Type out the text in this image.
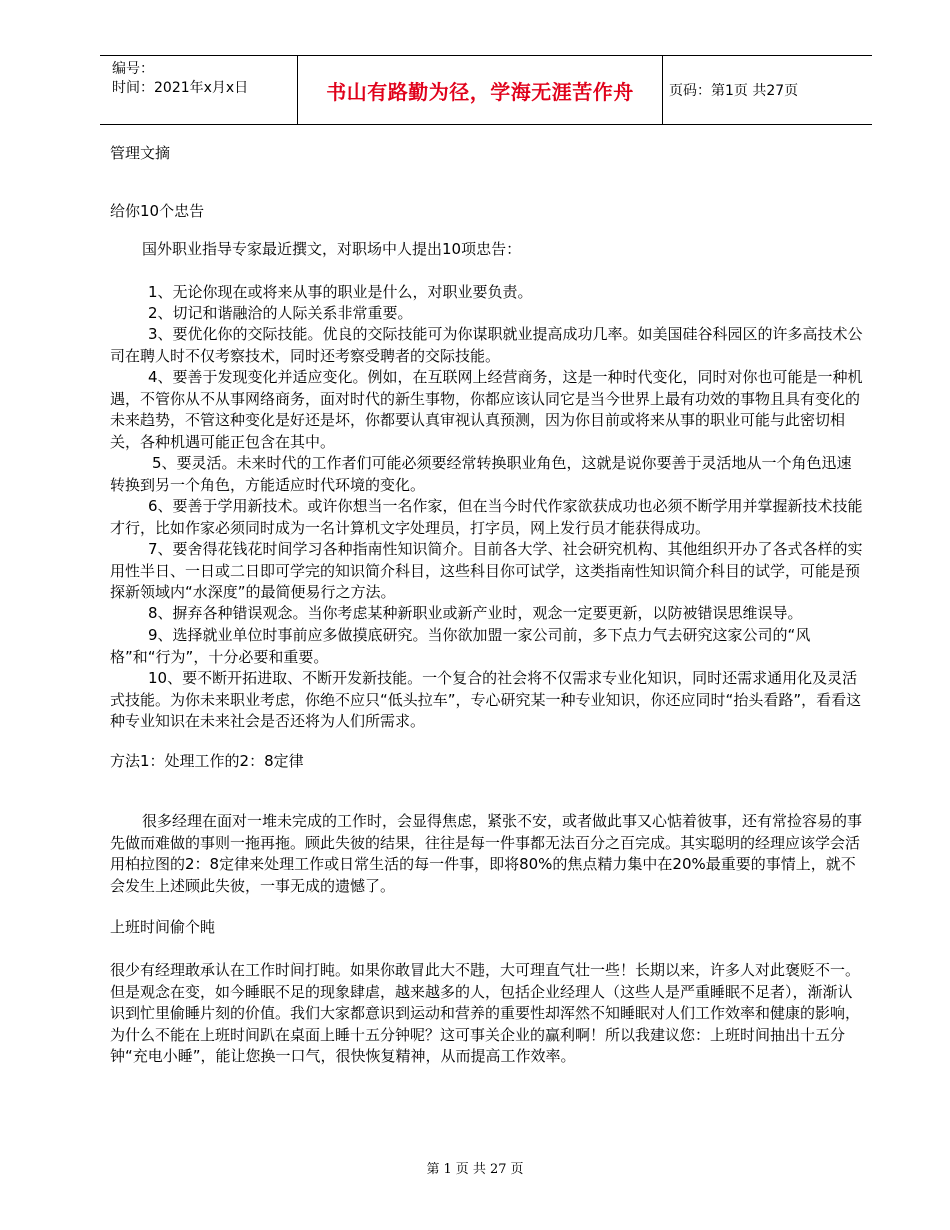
编号：
时间：2021年x月x日	书山有路勤为径，学海无涯苦作舟	页码：第1页 共27页

管理文摘

给你10个忠告

国外职业指导专家最近撰文，对职场中人提出10项忠告：

1、无论你现在或将来从事的职业是什么，对职业要负责。

2、切记和谐融洽的人际关系非常重要。

3、要优化你的交际技能。优良的交际技能可为你谋职就业提高成功几率。如美国硅谷科园区的许多高技术公司在聘人时不仅考察技术，同时还考察受聘者的交际技能。

4、要善于发现变化并适应变化。例如，在互联网上经营商务，这是一种时代变化，同时对你也可能是一种机遇，不管你从不从事网络商务，面对时代的新生事物，你都应该认同它是当今世界上最有功效的事物且具有变化的未来趋势，不管这种变化是好还是坏，你都要认真审视认真预测，因为你目前或将来从事的职业可能与此密切相关，各种机遇可能正包含在其中。

5、要灵活。未来时代的工作者们可能必须要经常转换职业角色，这就是说你要善于灵活地从一个角色迅速转换到另一个角色，方能适应时代环境的变化。

6、要善于学用新技术。或许你想当一名作家，但在当今时代作家欲获成功也必须不断学用并掌握新技术技能才行，比如作家必须同时成为一名计算机文字处理员，打字员，网上发行员才能获得成功。

7、要舍得花钱花时间学习各种指南性知识简介。目前各大学、社会研究机构、其他组织开办了各式各样的实用性半日、一日或二日即可学完的知识简介科目，这些科目你可试学，这类指南性知识简介科目的试学，可能是预探新领域内“水深度”的最简便易行之方法。

8、摒弃各种错误观念。当你考虑某种新职业或新产业时，观念一定要更新，以防被错误思维误导。

9、选择就业单位时事前应多做摸底研究。当你欲加盟一家公司前，多下点力气去研究这家公司的“风格”和“行为”，十分必要和重要。

10、要不断开拓进取、不断开发新技能。一个复合的社会将不仅需求专业化知识，同时还需求通用化及灵活式技能。为你未来职业考虑，你绝不应只“低头拉车”，专心研究某一种专业知识，你还应同时“抬头看路”，看看这种专业知识在未来社会是否还将为人们所需求。

方法1：处理工作的2：8定律

很多经理在面对一堆未完成的工作时，会显得焦虑，紧张不安，或者做此事又心惦着彼事，还有常捡容易的事先做而难做的事则一拖再拖。顾此失彼的结果，往往是每一件事都无法百分之百完成。其实聪明的经理应该学会活用柏拉图的2：8定律来处理工作或日常生活的每一件事，即将80%的焦点精力集中在20%最重要的事情上，就不会发生上述顾此失彼，一事无成的遗憾了。

上班时间偷个盹

很少有经理敢承认在工作时间打盹。如果你敢冒此大不韪，大可理直气壮一些！长期以来，许多人对此褒贬不一。但是观念在变，如今睡眠不足的现象肆虐，越来越多的人，包括企业经理人（这些人是严重睡眠不足者），渐渐认识到忙里偷睡片刻的价值。我们大家都意识到运动和营养的重要性却浑然不知睡眠对人们工作效率和健康的影响，为什么不能在上班时间趴在桌面上睡十五分钟呢？这可事关企业的赢利啊！所以我建议您：上班时间抽出十五分钟“充电小睡”，能让您换一口气，很快恢复精神，从而提高工作效率。

第 1 页 共 27 页
